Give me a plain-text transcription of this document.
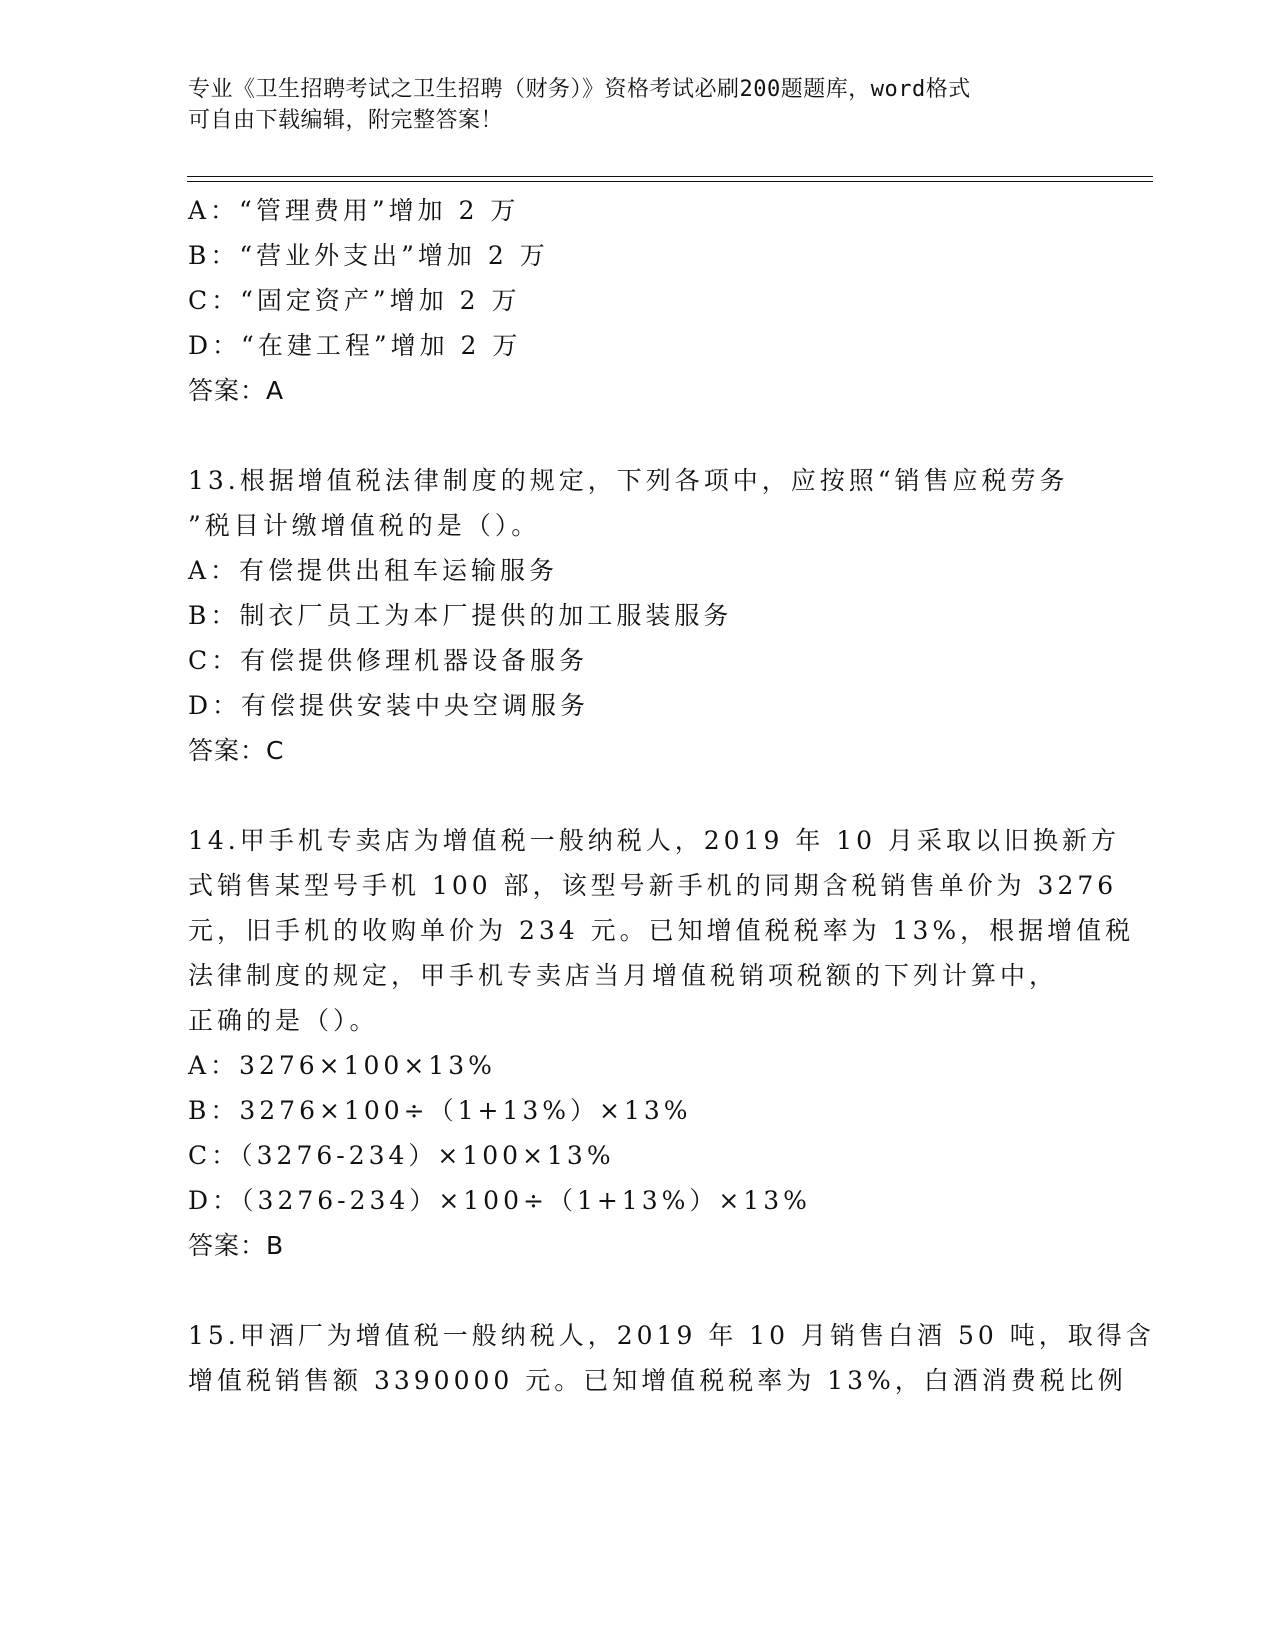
专业《卫生招聘考试之卫生招聘（财务）》资格考试必刷200题题库，word格式
可自由下载编辑，附完整答案！
A：“管理费用”增加 2 万
B：“营业外支出”增加 2 万
C：“固定资产”增加 2 万
D：“在建工程”增加 2 万
答案：A
13.根据增值税法律制度的规定，下列各项中，应按照“销售应税劳务
”税目计缴增值税的是（）。
A：有偿提供出租车运输服务
B：制衣厂员工为本厂提供的加工服装服务
C：有偿提供修理机器设备服务
D：有偿提供安装中央空调服务
答案：C
14.甲手机专卖店为增值税一般纳税人，2019 年 10 月采取以旧换新方
式销售某型号手机 100 部，该型号新手机的同期含税销售单价为 3276
元，旧手机的收购单价为 234 元。已知增值税税率为 13%，根据增值税
法律制度的规定，甲手机专卖店当月增值税销项税额的下列计算中，
正确的是（）。
A：3276×100×13%
B：3276×100÷（1+13%）×13%
C：（3276-234）×100×13%
D：（3276-234）×100÷（1+13%）×13%
答案：B
15.甲酒厂为增值税一般纳税人，2019 年 10 月销售白酒 50 吨，取得含
增值税销售额 3390000 元。已知增值税税率为 13%，白酒消费税比例
